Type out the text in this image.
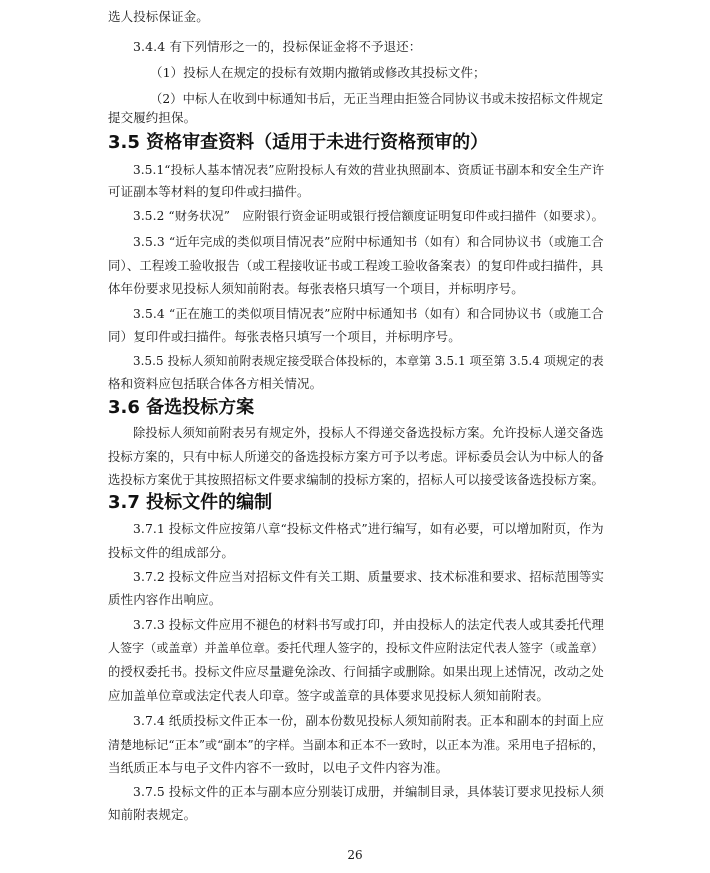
选人投标保证金。
3.4.4 有下列情形之一的，投标保证金将不予退还：
（1）投标人在规定的投标有效期内撤销或修改其投标文件；
（2）中标人在收到中标通知书后，无正当理由拒签合同协议书或未按招标文件规定
提交履约担保。
3.5 资格审查资料（适用于未进行资格预审的）
3.5.1“投标人基本情况表”应附投标人有效的营业执照副本、资质证书副本和安全生产许
可证副本等材料的复印件或扫描件。
3.5.2 “财务状况”　应附银行资金证明或银行授信额度证明复印件或扫描件（如要求）。
3.5.3 “近年完成的类似项目情况表”应附中标通知书（如有）和合同协议书（或施工合
同）、工程竣工验收报告（或工程接收证书或工程竣工验收备案表）的复印件或扫描件，具
体年份要求见投标人须知前附表。每张表格只填写一个项目，并标明序号。
3.5.4 “正在施工的类似项目情况表”应附中标通知书（如有）和合同协议书（或施工合
同）复印件或扫描件。每张表格只填写一个项目，并标明序号。
3.5.5 投标人须知前附表规定接受联合体投标的，本章第 3.5.1 项至第 3.5.4 项规定的表
格和资料应包括联合体各方相关情况。
3.6 备选投标方案
除投标人须知前附表另有规定外，投标人不得递交备选投标方案。允许投标人递交备选
投标方案的，只有中标人所递交的备选投标方案方可予以考虑。评标委员会认为中标人的备
选投标方案优于其按照招标文件要求编制的投标方案的，招标人可以接受该备选投标方案。
3.7 投标文件的编制
3.7.1 投标文件应按第八章“投标文件格式”进行编写，如有必要，可以增加附页，作为
投标文件的组成部分。
3.7.2 投标文件应当对招标文件有关工期、质量要求、技术标准和要求、招标范围等实
质性内容作出响应。
3.7.3 投标文件应用不褪色的材料书写或打印，并由投标人的法定代表人或其委托代理
人签字（或盖章）并盖单位章。委托代理人签字的，投标文件应附法定代表人签字（或盖章）
的授权委托书。投标文件应尽量避免涂改、行间插字或删除。如果出现上述情况，改动之处
应加盖单位章或法定代表人印章。签字或盖章的具体要求见投标人须知前附表。
3.7.4 纸质投标文件正本一份，副本份数见投标人须知前附表。正本和副本的封面上应
清楚地标记“正本”或“副本”的字样。当副本和正本不一致时，以正本为准。采用电子招标的，
当纸质正本与电子文件内容不一致时，以电子文件内容为准。
3.7.5 投标文件的正本与副本应分别装订成册，并编制目录，具体装订要求见投标人须
知前附表规定。
26
